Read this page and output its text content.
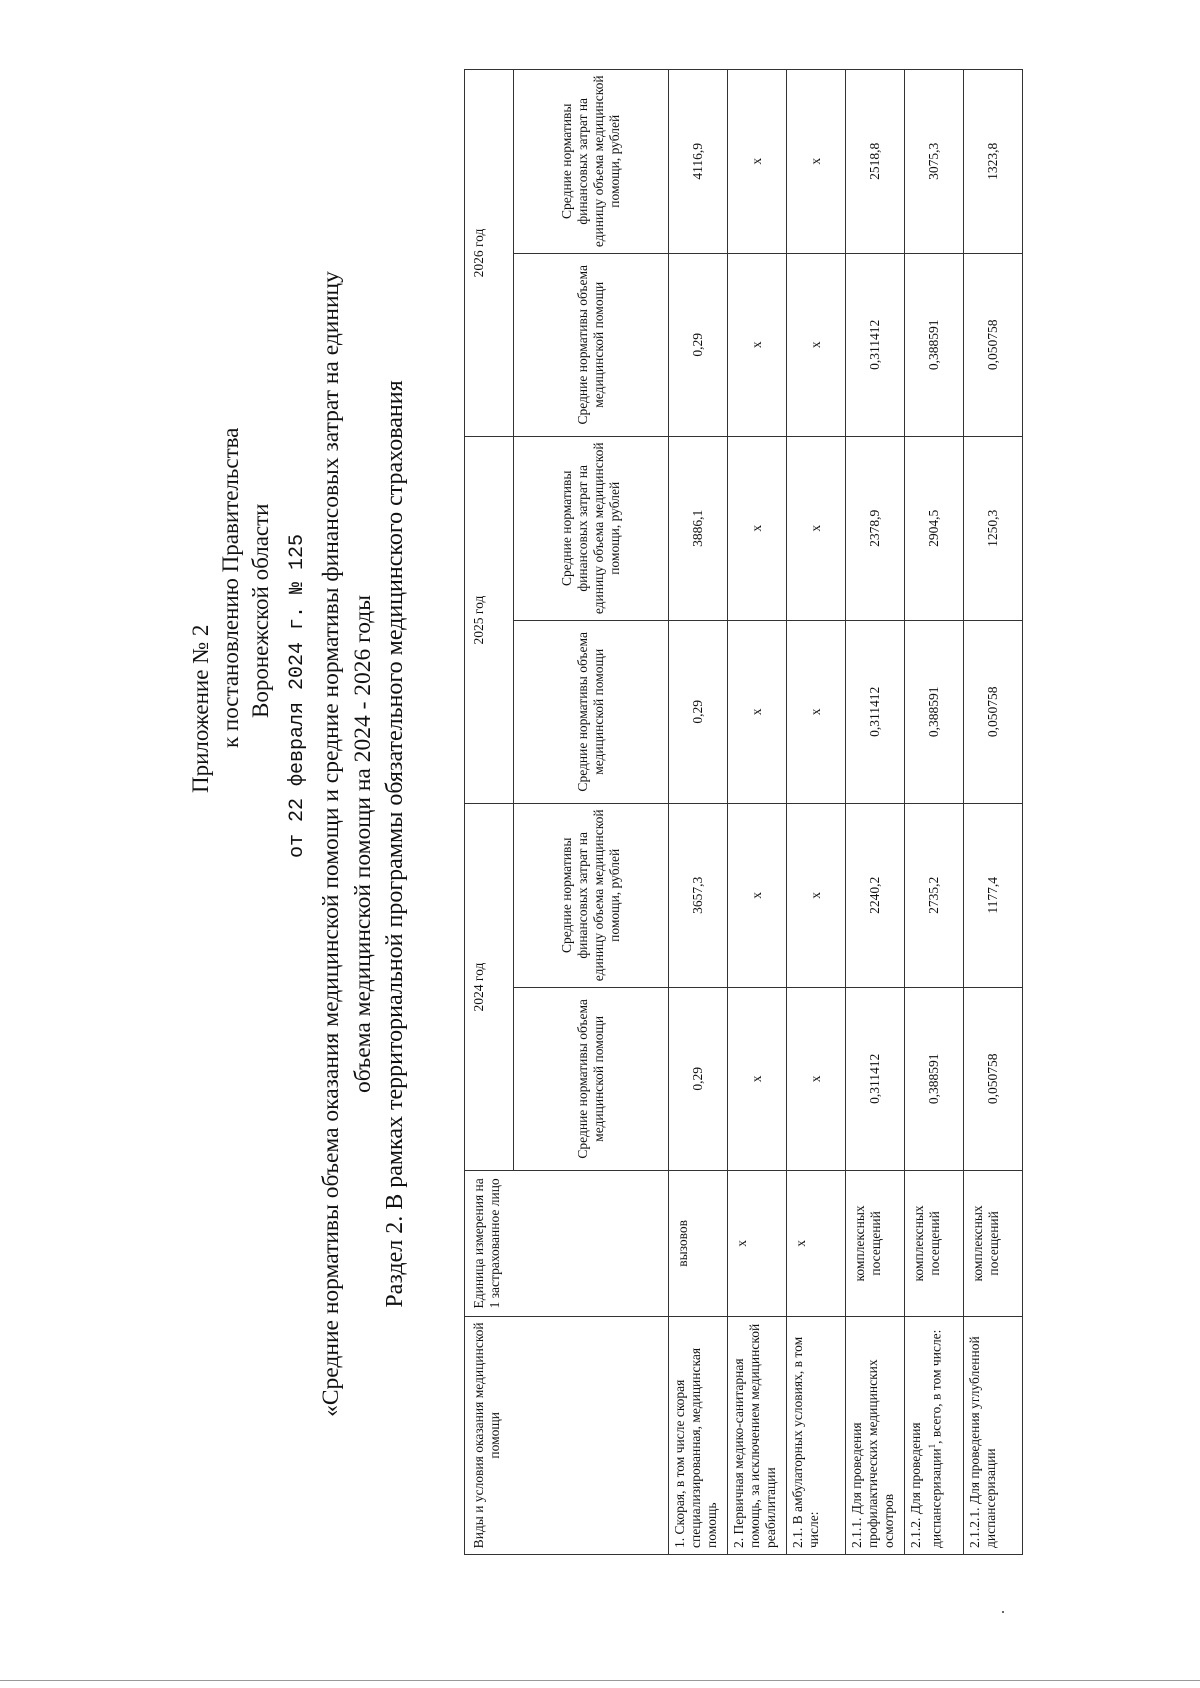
Приложение № 2 к постановлению Правительства Воронежской области от 22 февраля 2024 г. № 125 «Средние нормативы объема оказания медицинской помощи и средние нормативы финансовых затрат на единицу объема медицинской помощи на 2024 - 2026 годы Раздел 2. В рамках территориальной программы обязательного медицинского страхования
Виды и условия оказания медицинской помощи	Единица измерения на 1 застрахованное лицо	2024 год		2025 год		2026 год	
		Средние нормативы объема медицинской помощи	Средние нормативы финансовых затрат на единицу объема медицинской помощи, рублей	Средние нормативы объема медицинской помощи	Средние нормативы финансовых затрат на единицу объема медицинской помощи, рублей	Средние нормативы объема медицинской помощи	Средние нормативы финансовых затрат на единицу объема медицинской помощи, рублей
1. Скорая, в том числе скорая специализированная, медицинская помощь	вызовов	0,29	3657,3	0,29	3886,1	0,29	4116,9
2. Первичная медико-санитарная помощь, за исключением медицинской реабилитации	x	x	x	x	x	x	x
2.1. В амбулаторных условиях, в том числе:	x	x	x	x	x	x	x
2.1.1. Для проведения профилактических медицинских осмотров	комплексных посещений	0,311412	2240,2	0,311412	2378,9	0,311412	2518,8
2.1.2. Для проведения диспансеризации$^1$, всего, в том числе:	комплексных посещений	0,388591	2735,2	0,388591	2904,5	0,388591	3075,3
2.1.2.1. Для проведения углубленной диспансеризации	комплексных посещений	0,050758	1177,4	0,050758	1250,3	0,050758	1323,8
